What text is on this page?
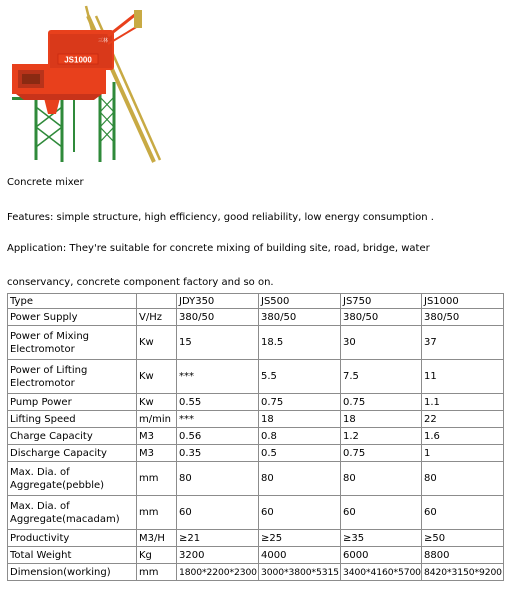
JS1000
三林
Concrete mixer
Features: simple structure, high efficiency, good reliability, low energy consumption .
Application: They're suitable for concrete mixing of building site, road, bridge, water
conservancy, concrete component factory and so on.
Type		JDY350	JS500	JS750	JS1000
Power Supply	V/Hz	380/50	380/50	380/50	380/50
Power of Mixing Electromotor	Kw	15	18.5	30	37
Power of Lifting Electromotor	Kw	***	5.5	7.5	11
Pump Power	Kw	0.55	0.75	0.75	1.1
Lifting Speed	m/min	***	18	18	22
Charge Capacity	M3	0.56	0.8	1.2	1.6
Discharge Capacity	M3	0.35	0.5	0.75	1
Max. Dia. of Aggregate(pebble)	mm	80	80	80	80
Max. Dia. of Aggregate(macadam)	mm	60	60	60	60
Productivity	M3/H	≥21	≥25	≥35	≥50
Total Weight	Kg	3200	4000	6000	8800
Dimension(working)	mm	1800*2200*2300	3000*3800*5315	3400*4160*5700	8420*3150*9200
